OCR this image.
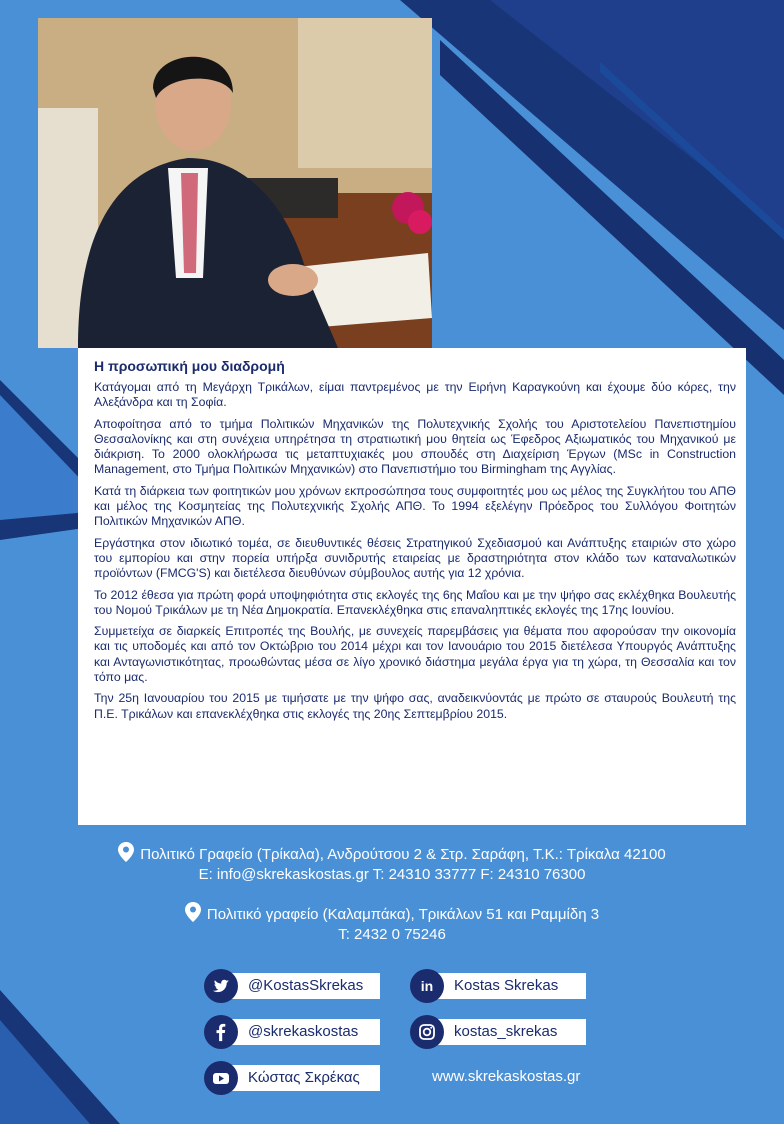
Η προσωπική μου διαδρομή

Κατάγομαι από τη Μεγάρχη Τρικάλων, είμαι παντρεμένος με την Ειρήνη Καραγκούνη και έχουμε δύο κόρες, την Αλεξάνδρα και τη Σοφία.

Αποφοίτησα από το τμήμα Πολιτικών Μηχανικών της Πολυτεχνικής Σχολής του Αριστοτελείου Πανεπιστημίου Θεσσαλονίκης και στη συνέχεια υπηρέτησα τη στρατιωτική μου θητεία ως Έφεδρος Αξιωματικός του Μηχανικού με διάκριση. Το 2000 ολοκλήρωσα τις μεταπτυχιακές μου σπουδές στη Διαχείριση Έργων (MSc in Construction Management, στο Τμήμα Πολιτικών Μηχανικών) στο Πανεπιστήμιο του Birmingham της Αγγλίας.

Κατά τη διάρκεια των φοιτητικών μου χρόνων εκπροσώπησα τους συμφοιτητές μου ως μέλος της Συγκλήτου του ΑΠΘ και μέλος της Κοσμητείας της Πολυτεχνικής Σχολής ΑΠΘ. Το 1994 εξελέγην Πρόεδρος του Συλλόγου Φοιτητών Πολιτικών Μηχανικών ΑΠΘ.

Εργάστηκα στον ιδιωτικό τομέα, σε διευθυντικές θέσεις Στρατηγικού Σχεδιασμού και Ανάπτυξης εταιριών στο χώρο του εμπορίου και στην πορεία υπήρξα συνιδρυτής εταιρείας με δραστηριότητα στον κλάδο των καταναλωτικών προϊόντων (FMCG'S) και διετέλεσα διευθύνων σύμβουλος αυτής για 12 χρόνια.

Το 2012 έθεσα για πρώτη φορά υποψηφιότητα στις εκλογές της 6ης Μαΐου και με την ψήφο σας εκλέχθηκα Βουλευτής του Νομού Τρικάλων με τη Νέα Δημοκρατία. Επανεκλέχθηκα στις επαναληπτικές εκλογές της 17ης Ιουνίου.

Συμμετείχα σε διαρκείς Επιτροπές της Βουλής, με συνεχείς παρεμβάσεις για θέματα που αφορούσαν την οικονομία και τις υποδομές και από τον Οκτώβριο του 2014 μέχρι και τον Ιανουάριο του 2015 διετέλεσα Υπουργός Ανάπτυξης και Ανταγωνιστικότητας, προωθώντας μέσα σε λίγο χρονικό διάστημα μεγάλα έργα για τη χώρα, τη Θεσσαλία και τον τόπο μας.

Την 25η Ιανουαρίου του 2015 με τιμήσατε με την ψήφο σας, αναδεικνύοντάς με πρώτο σε σταυρούς Βουλευτή της Π.Ε. Τρικάλων και επανεκλέχθηκα στις εκλογές της 20ης Σεπτεμβρίου 2015.

Πολιτικό Γραφείο (Τρίκαλα), Ανδρούτσου 2 & Στρ. Σαράφη, Τ.Κ.: Τρίκαλα 42100
E: info@skrekaskostas.gr T: 24310 33777 F: 24310 76300
Πολιτικό γραφείο (Καλαμπάκα), Τρικάλων 51 και Ραμμίδη 3
T: 2432 0 75246
@KostasSkrekas	Kostas Skrekas
in
@skrekaskostas	kostas_skrekas
Κώστας Σκρέκας	www.skrekaskostas.gr
